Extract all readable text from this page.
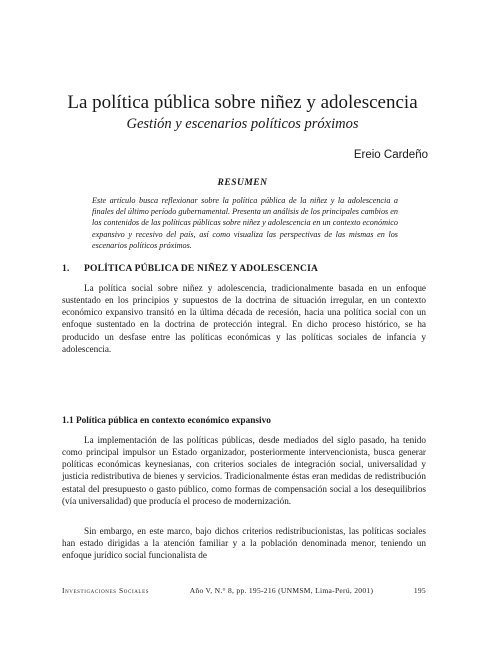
La política pública sobre niñez y adolescencia
Gestión y escenarios políticos próximos
Ereio Cardeño
RESUMEN
Este artículo busca reflexionar sobre la política pública de la niñez y la adolescencia a finales del último período gubernamental. Presenta un análisis de los principales cambios en los contenidos de las políticas públicas sobre niñez y adolescencia en un contexto económico expansivo y recesivo del país, así como visualiza las perspectivas de las mismas en los escenarios políticos próximos.
1. POLÍTICA PÚBLICA DE NIÑEZ Y ADOLESCENCIA

La política social sobre niñez y adolescencia, tradicionalmente basada en un enfoque sustentado en los principios y supuestos de la doctrina de situación irregular, en un contexto económico expansivo transitó en la última década de recesión, hacia una política social con un enfoque sustentado en la doctrina de protección integral. En dicho proceso histórico, se ha producido un desfase entre las políticas económicas y las políticas sociales de infancia y adolescencia.

1.1 Política pública en contexto económico expansivo

La implementación de las políticas públicas, desde mediados del siglo pasado, ha tenido como principal impulsor un Estado organizador, posteriormente intervencionista, busca generar políticas económicas keynesianas, con criterios sociales de integración social, universalidad y justicia redistributiva de bienes y servicios. Tradicionalmente éstas eran medidas de redistribución estatal del presupuesto o gasto público, como formas de compensación social a los desequilibrios (vía universalidad) que producía el proceso de modernización.

Sin embargo, en este marco, bajo dichos criterios redistribucionistas, las políticas sociales han estado dirigidas a la atención familiar y a la población denominada menor, teniendo un enfoque jurídico social funcionalista de

Investigaciones Sociales	Año V, N.° 8, pp. 195-216 (UNMSM, Lima-Perú, 2001)	195
